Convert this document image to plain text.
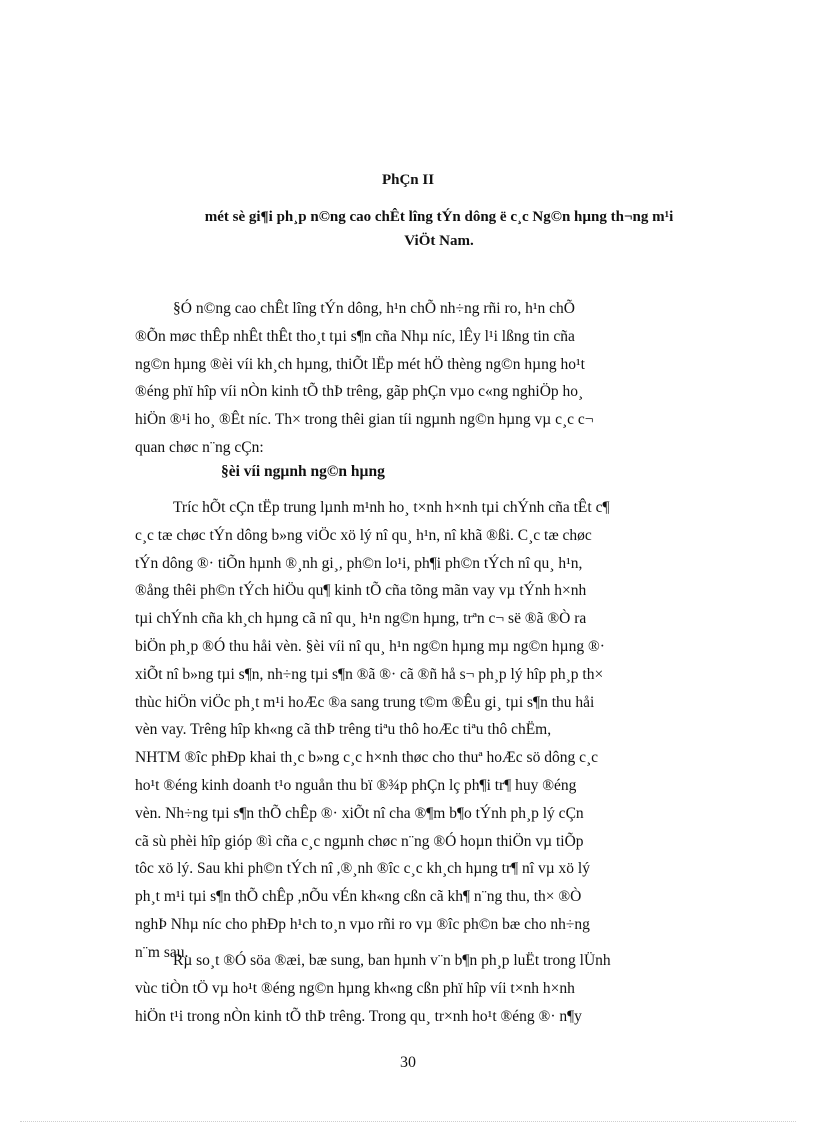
PhÇn II
mét sè gi¶i ph¸p n©ng cao chÊt lîng tÝn dông ë c¸c Ng©n hµng th¬ng m¹i
ViÖt Nam.
§Ó n©ng cao chÊt lîng tÝn dông, h¹n chÕ nh÷ng rñi ro, h¹n chÕ
®Õn møc thÊp nhÊt thÊt tho¸t tµi s¶n cña Nhµ níc, lÊy l¹i lßng tin cña
ng©n hµng ®èi víi kh¸ch hµng, thiÕt lËp mét hÖ thèng ng©n hµng ho¹t
®éng phï hîp víi nÒn kinh tÕ thÞ trêng, gãp phÇn vµo c«ng nghiÖp ho¸
hiÖn ®¹i ho¸ ®Êt níc. Th× trong thêi gian tíi ngµnh ng©n hµng vµ c¸c c¬
quan chøc n¨ng cÇn:
§èi víi ngµnh ng©n hµng
Tríc hÕt cÇn tËp trung lµnh m¹nh ho¸ t×nh h×nh tµi chÝnh cña tÊt c¶
c¸c tæ chøc tÝn dông b»ng viÖc xö lý nî qu¸ h¹n, nî khã ®ßi. C¸c tæ chøc
tÝn dông ®· tiÕn hµnh ®¸nh gi¸, ph©n lo¹i, ph¶i ph©n tÝch nî qu¸ h¹n,
®ång thêi ph©n tÝch hiÖu qu¶ kinh tÕ cña tõng mãn vay vµ tÝnh h×nh
tµi chÝnh cña kh¸ch hµng cã nî qu¸ h¹n ng©n hµng, trªn c¬ së ®ã ®Ò ra
biÖn ph¸p ®Ó thu håi vèn. §èi víi nî qu¸ h¹n ng©n hµng mµ ng©n hµng ®·
xiÕt nî b»ng tµi s¶n, nh÷ng tµi s¶n ®ã ®· cã ®ñ hå s¬ ph¸p lý hîp ph¸p th×
thùc hiÖn viÖc ph¸t m¹i hoÆc ®a sang trung t©m ®Êu gi¸ tµi s¶n thu håi
vèn vay. Trêng hîp kh«ng cã thÞ trêng tiªu thô hoÆc tiªu thô chËm,
NHTM ®îc phÐp khai th¸c b»ng c¸c h×nh thøc cho thuª hoÆc sö dông c¸c
ho¹t ®éng kinh doanh t¹o nguån thu bï ®¾p phÇn lç ph¶i tr¶ huy ®éng
vèn. Nh÷ng tµi s¶n thÕ chÊp ®· xiÕt nî cha ®¶m b¶o tÝnh ph¸p lý cÇn
cã sù phèi hîp gióp ®ì cña c¸c ngµnh chøc n¨ng ®Ó hoµn thiÖn vµ tiÕp
tôc xö lý. Sau khi ph©n tÝch nî ,®¸nh ®îc c¸c kh¸ch hµng tr¶ nî vµ xö lý
ph¸t m¹i tµi s¶n thÕ chÊp ,nÕu vÉn kh«ng cßn cã kh¶ n¨ng thu, th× ®Ò
nghÞ Nhµ níc cho phÐp h¹ch to¸n vµo rñi ro vµ ®îc ph©n bæ cho nh÷ng
n¨m sau.
Rµ so¸t ®Ó söa ®æi, bæ sung, ban hµnh v¨n b¶n ph¸p luËt trong lÜnh
vùc tiÒn tÖ vµ ho¹t ®éng ng©n hµng kh«ng cßn phï hîp víi t×nh h×nh
hiÖn t¹i trong nÒn kinh tÕ thÞ trêng. Trong qu¸ tr×nh ho¹t ®éng ®· n¶y
30
